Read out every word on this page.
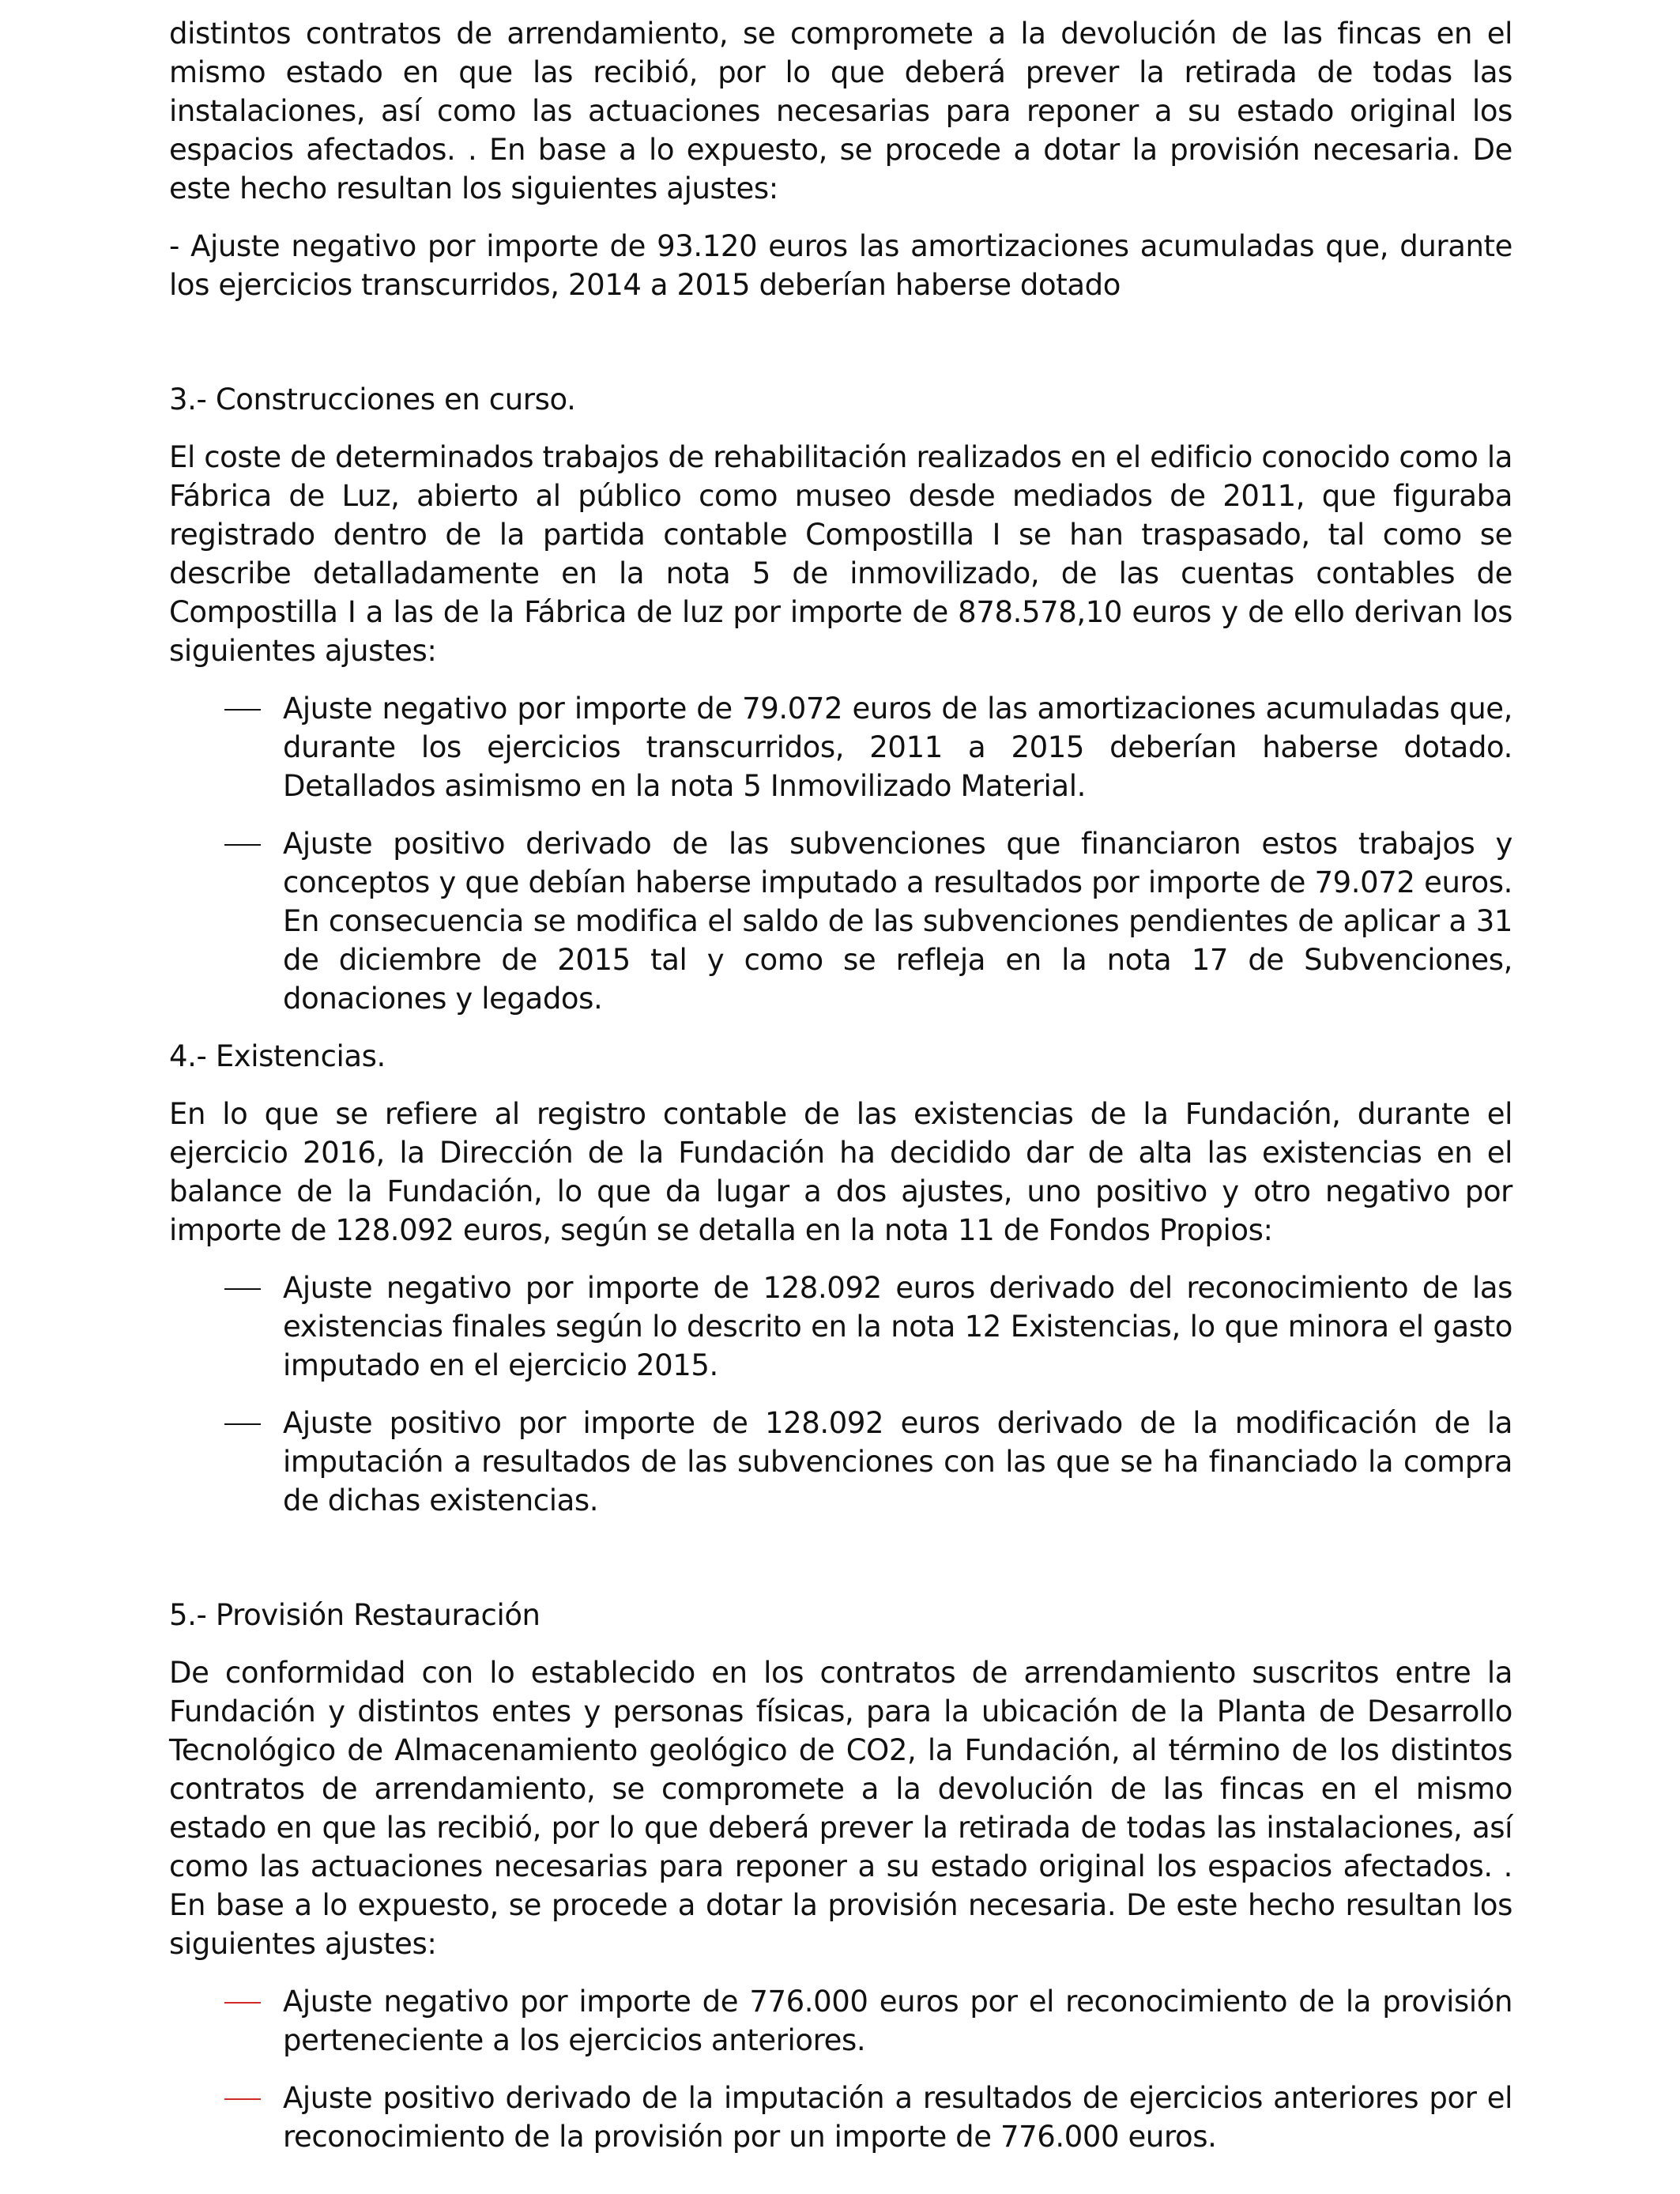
distintos contratos de arrendamiento, se compromete a la devolución de las fincas en el mismo estado en que las recibió, por lo que deberá prever la retirada de todas las instalaciones, así como las actuaciones necesarias para reponer a su estado original los espacios afectados. . En base a lo expuesto, se procede a dotar la provisión necesaria. De este hecho resultan los siguientes ajustes:

- Ajuste negativo por importe de 93.120 euros las amortizaciones acumuladas que, durante los ejercicios transcurridos, 2014 a 2015 deberían haberse dotado

3.- Construcciones en curso.

El coste de determinados trabajos de rehabilitación realizados en el edificio conocido como la Fábrica de Luz, abierto al público como museo desde mediados de 2011, que figuraba registrado dentro de la partida contable Compostilla I se han traspasado, tal como se describe detalladamente en la nota 5 de inmovilizado, de las cuentas contables de Compostilla I a las de la Fábrica de luz por importe de 878.578,10 euros y de ello derivan los siguientes ajustes:

Ajuste negativo por importe de 79.072 euros de las amortizaciones acumuladas que, durante los ejercicios transcurridos, 2011 a 2015 deberían haberse dotado. Detallados asimismo en la nota 5 Inmovilizado Material.

Ajuste positivo derivado de las subvenciones que financiaron estos trabajos y conceptos y que debían haberse imputado a resultados por importe de 79.072 euros. En consecuencia se modifica el saldo de las subvenciones pendientes de aplicar a 31 de diciembre de 2015 tal y como se refleja en la nota 17 de Subvenciones, donaciones y legados.

4.- Existencias.

En lo que se refiere al registro contable de las existencias de la Fundación, durante el ejercicio 2016, la Dirección de la Fundación ha decidido dar de alta las existencias en el balance de la Fundación, lo que da lugar a dos ajustes, uno positivo y otro negativo por importe de 128.092 euros, según se detalla en la nota 11 de Fondos Propios:

Ajuste negativo por importe de 128.092 euros derivado del reconocimiento de las existencias finales según lo descrito en la nota 12 Existencias, lo que minora el gasto imputado en el ejercicio 2015.

Ajuste positivo por importe de 128.092 euros derivado de la modificación de la imputación a resultados de las subvenciones con las que se ha financiado la compra de dichas existencias.

5.- Provisión Restauración

De conformidad con lo establecido en los contratos de arrendamiento suscritos entre la Fundación y distintos entes y personas físicas, para la ubicación de la Planta de Desarrollo Tecnológico de Almacenamiento geológico de CO2, la Fundación, al término de los distintos contratos de arrendamiento, se compromete a la devolución de las fincas en el mismo estado en que las recibió, por lo que deberá prever la retirada de todas las instalaciones, así como las actuaciones necesarias para reponer a su estado original los espacios afectados. . En base a lo expuesto, se procede a dotar la provisión necesaria. De este hecho resultan los siguientes ajustes:

Ajuste negativo por importe de 776.000 euros por el reconocimiento de la provisión perteneciente a los ejercicios anteriores.

Ajuste positivo derivado de la imputación a resultados de ejercicios anteriores por el reconocimiento de la provisión por un importe de 776.000 euros.
